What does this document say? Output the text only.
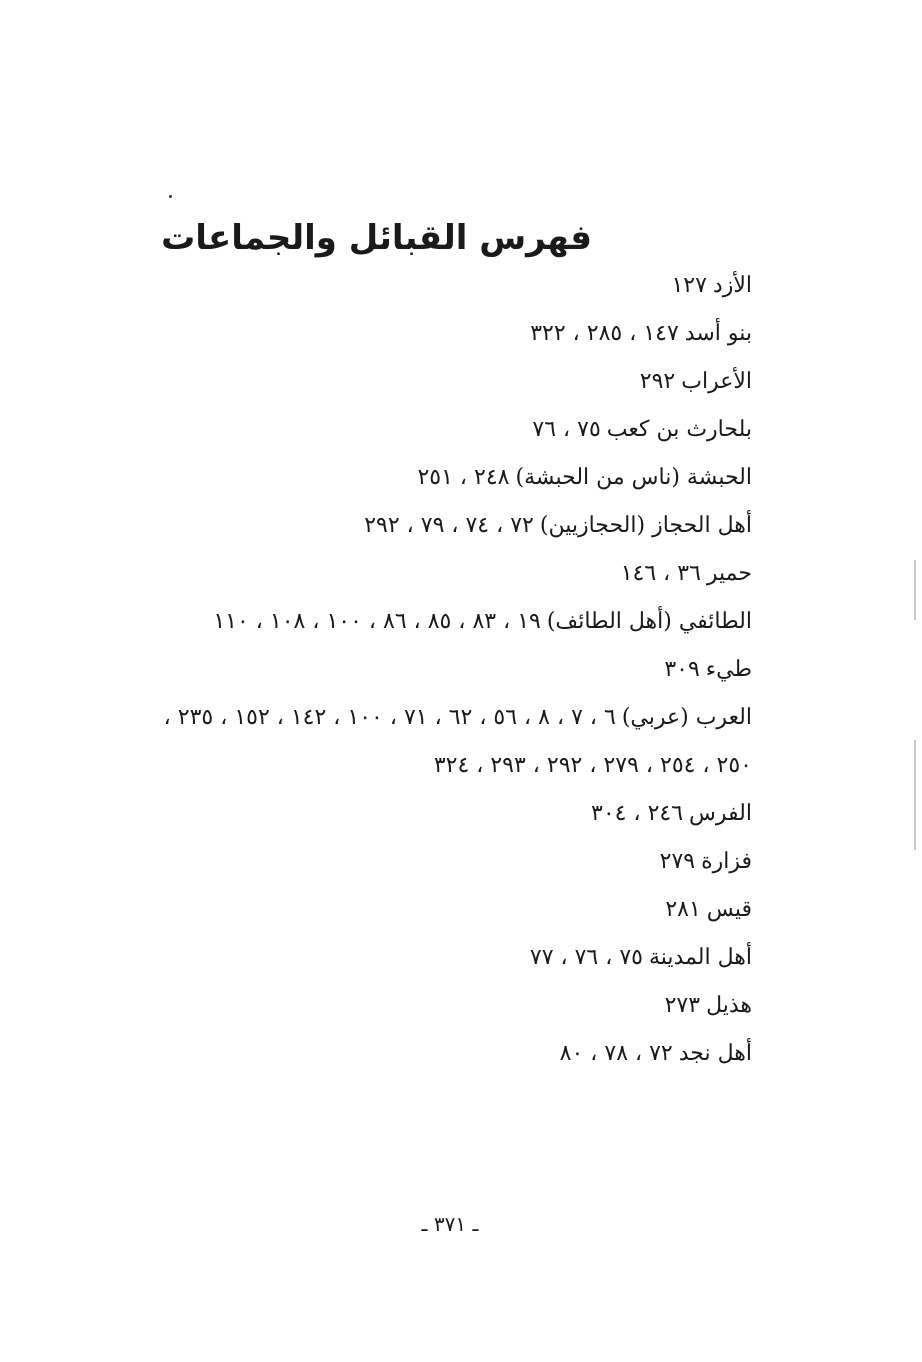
فهرس القبائل والجماعات
الأزد١٢٧
بنو أسد١٤٧ ، ٢٨٥ ، ٣٢٢
الأعراب٢٩٢
بلحارث بن كعب٧٥ ، ٧٦
الحبشة (ناس من الحبشة)٢٤٨ ، ٢٥١
أهل الحجاز (الحجازيين)٧٢ ، ٧٤ ، ٧٩ ، ٢٩٢
حمير٣٦ ، ١٤٦
الطائفي (أهل الطائف)١٩ ، ٨٣ ، ٨٥ ، ٨٦ ، ١٠٠ ، ١٠٨ ، ١١٠
طيء٣٠٩
العرب (عربي)٦ ، ٧ ، ٨ ، ٥٦ ، ٦٢ ، ٧١ ، ١٠٠ ، ١٤٢ ، ١٥٢ ، ٢٣٥ ، ٢٥٠ ، ٢٥٤ ، ٢٧٩ ، ٢٩٢ ، ٢٩٣ ، ٣٢٤
الفرس٢٤٦ ، ٣٠٤
فزارة٢٧٩
قيس٢٨١
أهل المدينة٧٥ ، ٧٦ ، ٧٧
هذيل٢٧٣
أهل نجد٧٢ ، ٧٨ ، ٨٠
ـ ٣٧١ ـ
